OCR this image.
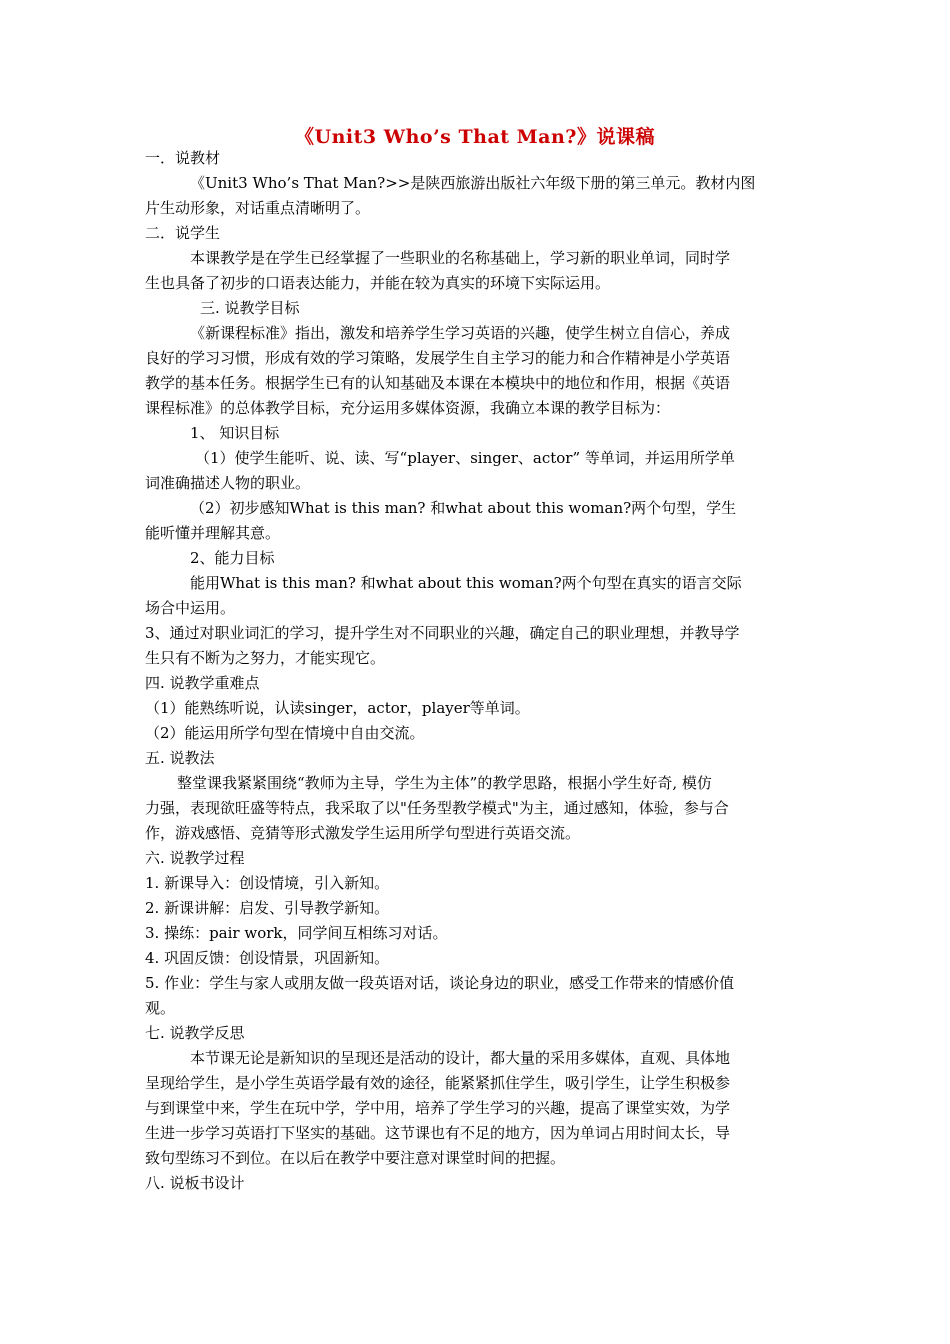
《Unit3 Who’s That Man?》说课稿
一．说教材
《Unit3 Who’s That Man?>>是陕西旅游出版社六年级下册的第三单元。教材内图
片生动形象，对话重点清晰明了。
二．说学生
本课教学是在学生已经掌握了一些职业的名称基础上，学习新的职业单词，同时学
生也具备了初步的口语表达能力，并能在较为真实的环境下实际运用。
三. 说教学目标
《新课程标准》指出，激发和培养学生学习英语的兴趣，使学生树立自信心，养成
良好的学习习惯，形成有效的学习策略，发展学生自主学习的能力和合作精神是小学英语
教学的基本任务。根据学生已有的认知基础及本课在本模块中的地位和作用，根据《英语
课程标准》的总体教学目标，充分运用多媒体资源，我确立本课的教学目标为：
1、 知识目标
（1）使学生能听、说、读、写“player、singer、actor” 等单词，并运用所学单
词准确描述人物的职业。
（2）初步感知What is this man? 和what about this woman?两个句型，学生
能听懂并理解其意。
2、能力目标
能用What is this man? 和what about this woman?两个句型在真实的语言交际
场合中运用。
3、通过对职业词汇的学习，提升学生对不同职业的兴趣，确定自己的职业理想，并教导学
生只有不断为之努力，才能实现它。
四. 说教学重难点
（1）能熟练听说，认读singer，actor，player等单词。
（2）能运用所学句型在情境中自由交流。
五. 说教法
整堂课我紧紧围绕“教师为主导，学生为主体”的教学思路，根据小学生好奇, 模仿
力强，表现欲旺盛等特点，我采取了以"任务型教学模式"为主，通过感知，体验，参与合
作，游戏感悟、竞猜等形式激发学生运用所学句型进行英语交流。
六. 说教学过程
1. 新课导入：创设情境，引入新知。
2. 新课讲解：启发、引导教学新知。
3. 操练：pair work，同学间互相练习对话。
4. 巩固反馈：创设情景，巩固新知。
5. 作业：学生与家人或朋友做一段英语对话，谈论身边的职业，感受工作带来的情感价值
观。
七. 说教学反思
本节课无论是新知识的呈现还是活动的设计，都大量的采用多媒体，直观、具体地
呈现给学生，是小学生英语学最有效的途径，能紧紧抓住学生，吸引学生，让学生积极参
与到课堂中来，学生在玩中学，学中用，培养了学生学习的兴趣，提高了课堂实效，为学
生进一步学习英语打下坚实的基础。这节课也有不足的地方，因为单词占用时间太长，导
致句型练习不到位。在以后在教学中要注意对课堂时间的把握。
八. 说板书设计
